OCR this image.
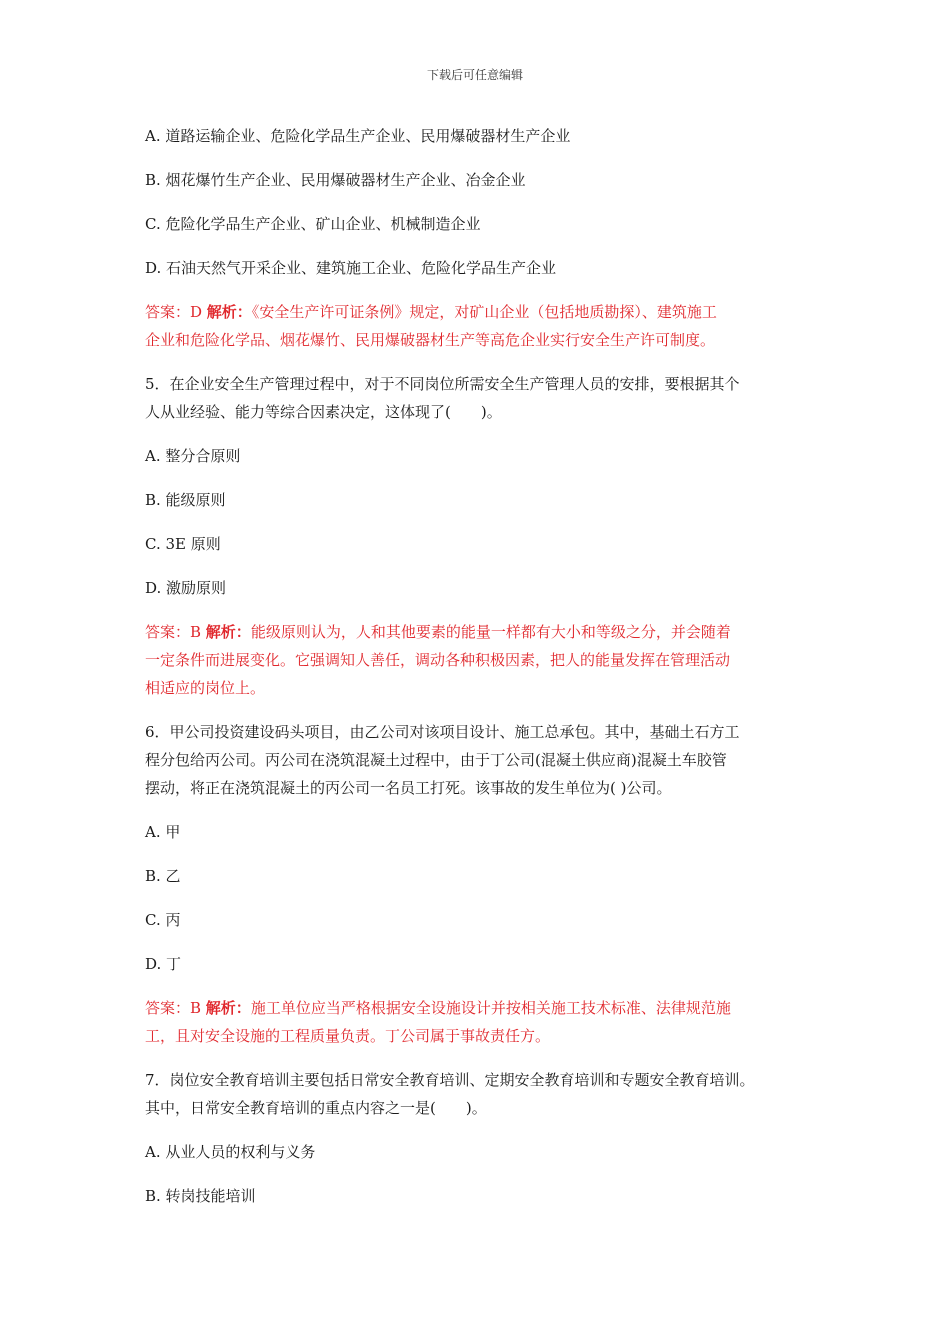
下载后可任意编辑
A. 道路运输企业、危险化学品生产企业、民用爆破器材生产企业
B. 烟花爆竹生产企业、民用爆破器材生产企业、冶金企业
C. 危险化学品生产企业、矿山企业、机械制造企业
D. 石油天然气开采企业、建筑施工企业、危险化学品生产企业
答案：D 解析：《安全生产许可证条例》规定，对矿山企业（包括地质勘探）、建筑施工
企业和危险化学品、烟花爆竹、民用爆破器材生产等高危企业实行安全生产许可制度。
5．在企业安全生产管理过程中，对于不同岗位所需安全生产管理人员的安排，要根据其个
人从业经验、能力等综合因素决定，这体现了(　　)。
A. 整分合原则
B. 能级原则
C. 3E 原则
D. 激励原则
答案：B 解析：能级原则认为，人和其他要素的能量一样都有大小和等级之分，并会随着
一定条件而进展变化。它强调知人善任，调动各种积极因素，把人的能量发挥在管理活动
相适应的岗位上。
6．甲公司投资建设码头项目，由乙公司对该项目设计、施工总承包。其中，基础土石方工
程分包给丙公司。丙公司在浇筑混凝土过程中，由于丁公司(混凝土供应商)混凝土车胶管
摆动，将正在浇筑混凝土的丙公司一名员工打死。该事故的发生单位为( )公司。
A. 甲
B. 乙
C. 丙
D. 丁
答案：B 解析：施工单位应当严格根据安全设施设计并按相关施工技术标准、法律规范施
工，且对安全设施的工程质量负责。丁公司属于事故责任方。
7．岗位安全教育培训主要包括日常安全教育培训、定期安全教育培训和专题安全教育培训。
其中，日常安全教育培训的重点内容之一是(　　)。
A. 从业人员的权利与义务
B. 转岗技能培训
